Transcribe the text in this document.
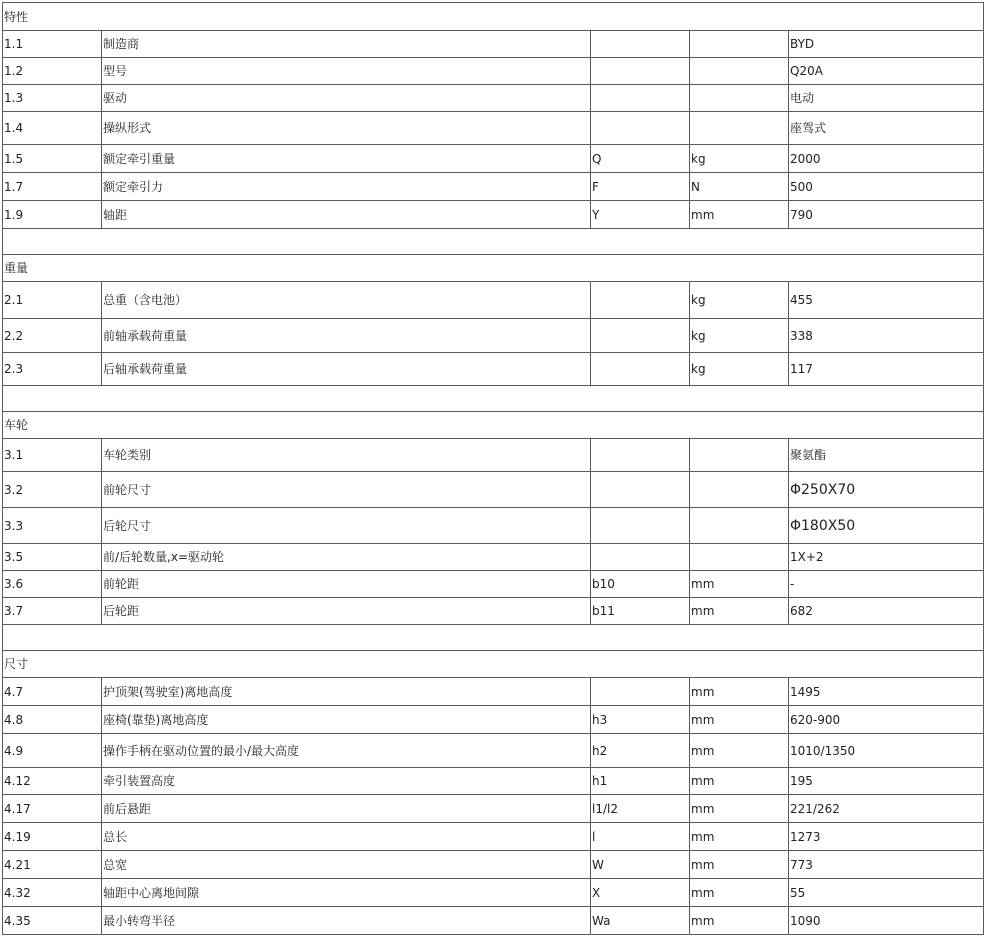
特性				
1.1	制造商			BYD
1.2	型号			Q20A
1.3	驱动			电动
1.4	操纵形式			座驾式
1.5	额定牵引重量	Q	kg	2000
1.7	额定牵引力	F	N	500
1.9	轴距	Y	mm	790

重量				
2.1	总重（含电池）		kg	455
2.2	前轴承载荷重量		kg	338
2.3	后轴承载荷重量		kg	117

车轮				
3.1	车轮类别			聚氨酯
3.2	前轮尺寸			Φ250X70
3.3	后轮尺寸			Φ180X50
3.5	前/后轮数量,x=驱动轮			1X+2
3.6	前轮距	b10	mm	-
3.7	后轮距	b11	mm	682

尺寸				
4.7	护顶架(驾驶室)离地高度		mm	1495
4.8	座椅(靠垫)离地高度	h3	mm	620-900
4.9	操作手柄在驱动位置的最小/最大高度	h2	mm	1010/1350
4.12	牵引装置高度	h1	mm	195
4.17	前后悬距	l1/l2	mm	221/262
4.19	总长	l	mm	1273
4.21	总宽	W	mm	773
4.32	轴距中心离地间隙	X	mm	55
4.35	最小转弯半径	Wa	mm	1090
